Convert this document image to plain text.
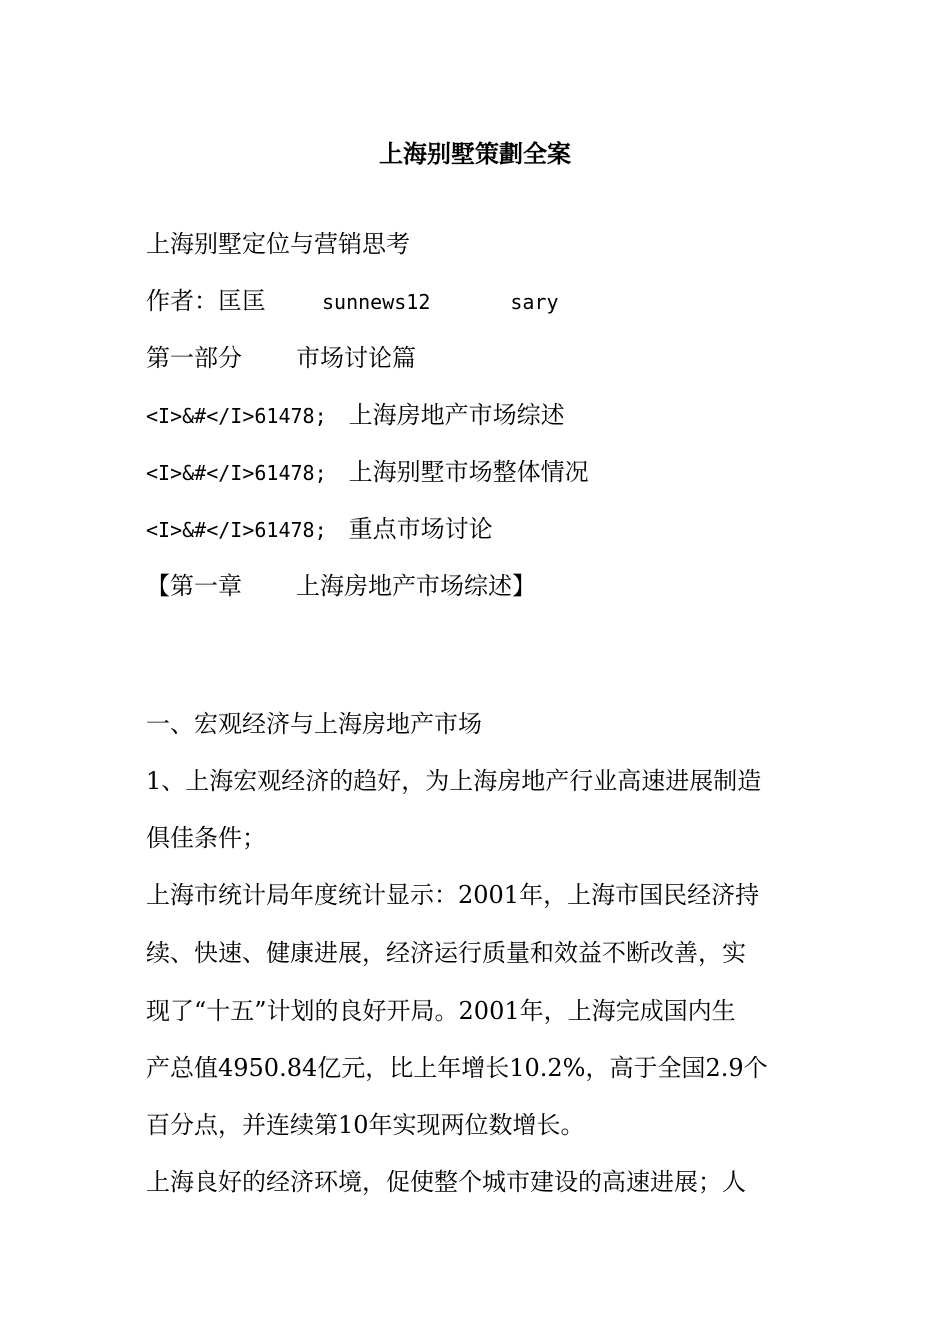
上海别墅策劃全案
上海别墅定位与营销思考
作者：匡匡	sunnews12	sary
第一部分 市场讨论篇
<I>&#</I>61478; 上海房地产市场综述
<I>&#</I>61478; 上海别墅市场整体情况
<I>&#</I>61478; 重点市场讨论
【第一章 上海房地产市场综述】
一、宏观经济与上海房地产市场
1、上海宏观经济的趋好，为上海房地产行业高速进展制造
俱佳条件；
上海市统计局年度统计显示：2001年，上海市国民经济持
续、快速、健康进展，经济运行质量和效益不断改善，实
现了“十五”计划的良好开局。2001年，上海完成国内生
产总值4950.84亿元，比上年增长10.2%，高于全国2.9个
百分点，并连续第10年实现两位数增长。
上海良好的经济环境，促使整个城市建设的高速进展；人
